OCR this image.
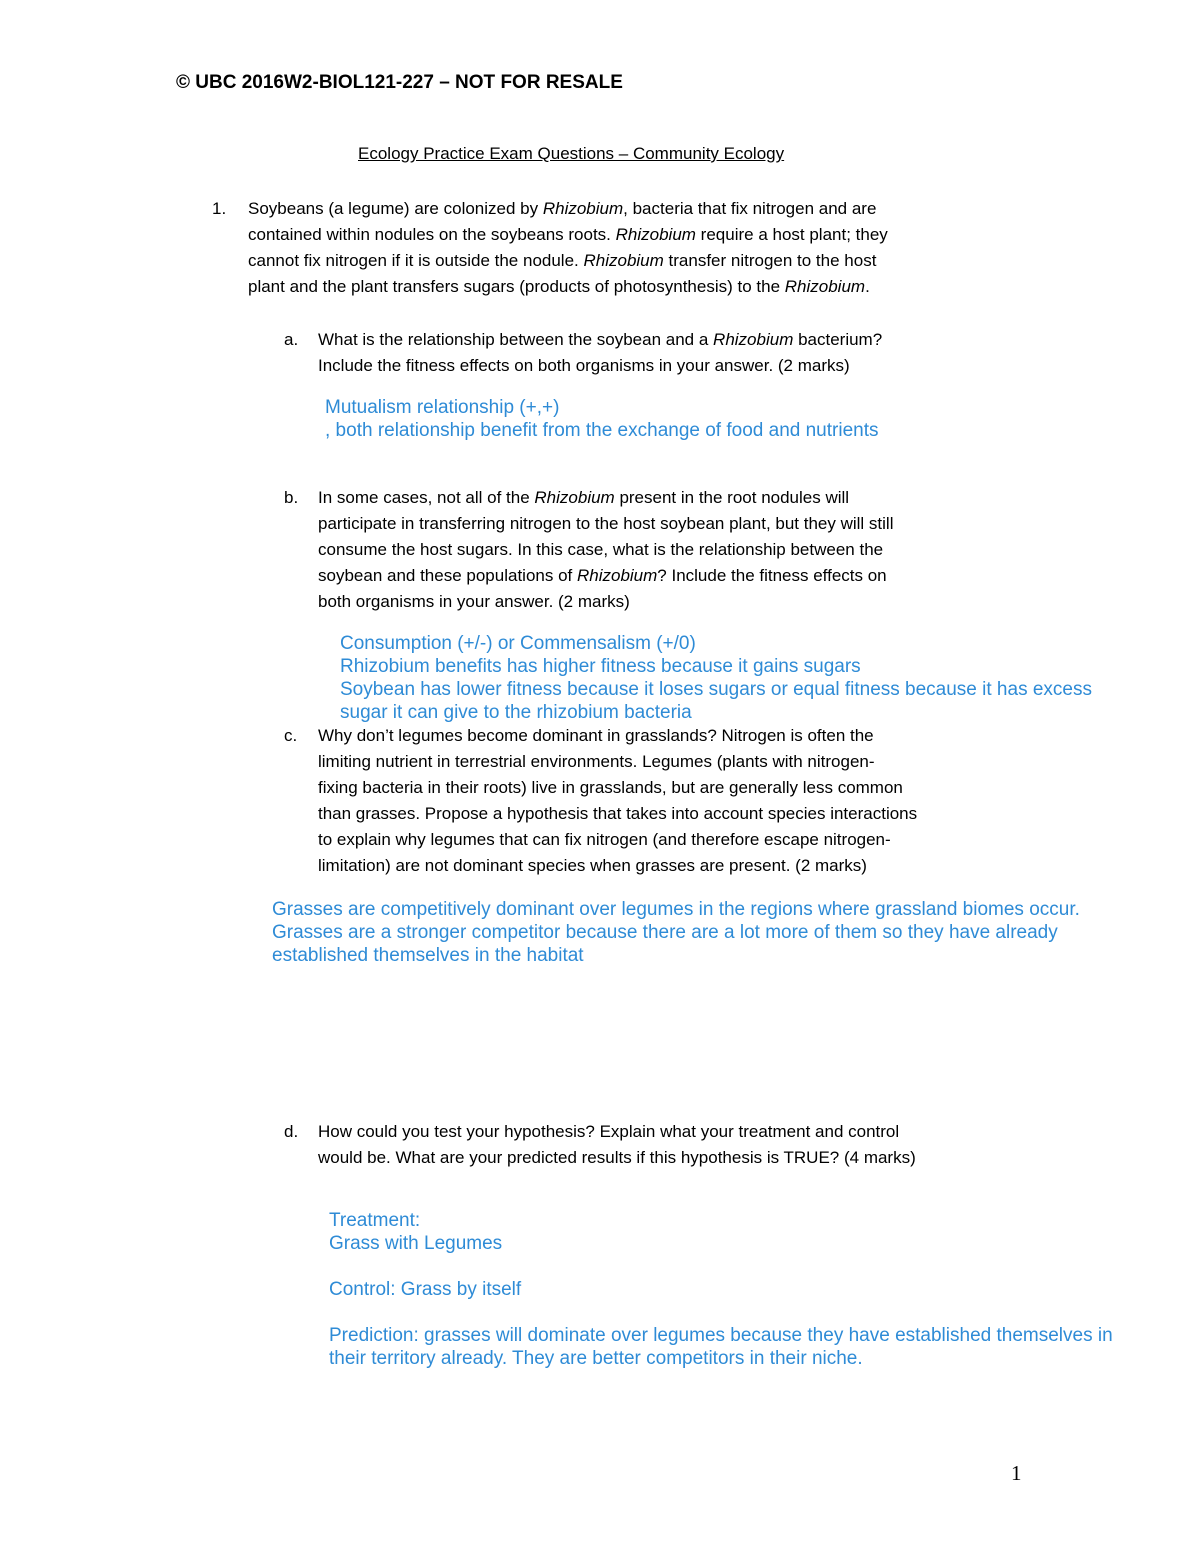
© UBC 2016W2-BIOL121-227 – NOT FOR RESALE
Ecology Practice Exam Questions – Community Ecology
1. Soybeans (a legume) are colonized by Rhizobium, bacteria that fix nitrogen and are
contained within nodules on the soybeans roots. Rhizobium require a host plant; they
cannot fix nitrogen if it is outside the nodule. Rhizobium transfer nitrogen to the host
plant and the plant transfers sugars (products of photosynthesis) to the Rhizobium.
a. What is the relationship between the soybean and a Rhizobium bacterium?
Include the fitness effects on both organisms in your answer. (2 marks)
Mutualism relationship (+,+)
, both relationship benefit from the exchange of food and nutrients
b. In some cases, not all of the Rhizobium present in the root nodules will
participate in transferring nitrogen to the host soybean plant, but they will still
consume the host sugars. In this case, what is the relationship between the
soybean and these populations of Rhizobium? Include the fitness effects on
both organisms in your answer. (2 marks)
Consumption (+/-) or Commensalism (+/0)
Rhizobium benefits has higher fitness because it gains sugars
Soybean has lower fitness because it loses sugars or equal fitness because it has excess
sugar it can give to the rhizobium bacteria
c. Why don’t legumes become dominant in grasslands? Nitrogen is often the
limiting nutrient in terrestrial environments. Legumes (plants with nitrogen-
fixing bacteria in their roots) live in grasslands, but are generally less common
than grasses. Propose a hypothesis that takes into account species interactions
to explain why legumes that can fix nitrogen (and therefore escape nitrogen-
limitation) are not dominant species when grasses are present. (2 marks)
Grasses are competitively dominant over legumes in the regions where grassland biomes occur.
Grasses are a stronger competitor because there are a lot more of them so they have already
established themselves in the habitat
d. How could you test your hypothesis? Explain what your treatment and control
would be. What are your predicted results if this hypothesis is TRUE? (4 marks)
Treatment:
Grass with Legumes
Control: Grass by itself
Prediction: grasses will dominate over legumes because they have established themselves in
their territory already. They are better competitors in their niche.
1
